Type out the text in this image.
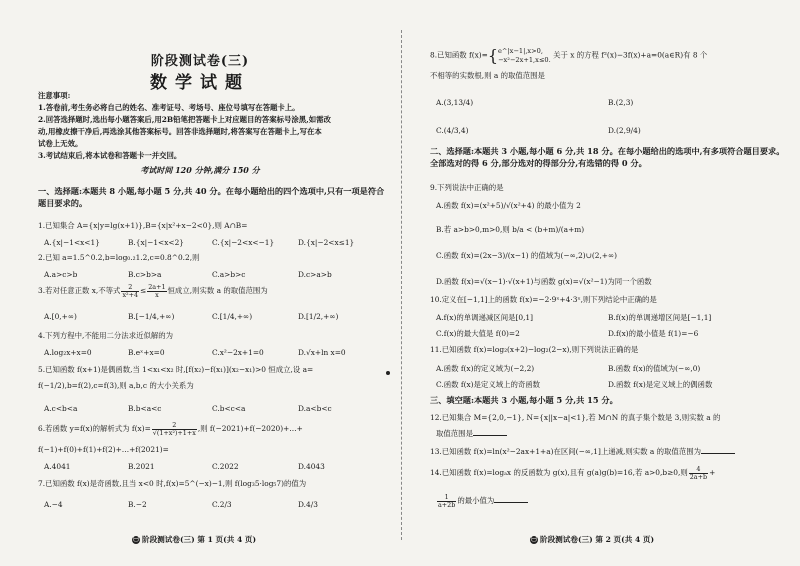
阶段测试卷(三)
数学试题
注意事项:
1.答卷前,考生务必将自己的姓名、准考证号、考场号、座位号填写在答题卡上。
2.回答选择题时,选出每小题答案后,用2B铅笔把答题卡上对应题目的答案标号涂黑,如需改
动,用橡皮擦干净后,再选涂其他答案标号。回答非选择题时,将答案写在答题卡上,写在本
试卷上无效。
3.考试结束后,将本试卷和答题卡一并交回。
考试时间 120 分钟,满分 150 分
一、选择题:本题共 8 小题,每小题 5 分,共 40 分。在每小题给出的四个选项中,只有一项是符合题目要求的。
1.已知集合 A={x|y=lg(x+1)},B={x|x²+x−2<0},则 A∩B=
A.{x|−1<x<1}	B.{x|−1<x<2}	C.{x|−2<x<−1}	D.{x|−2<x≤1}
2.已知 a=1.5^0.2,b=log₀.₂1.2,c=0.8^0.2,则
A.a>c>b	B.c>b>a	C.a>b>c	D.c>a>b
3.若对任意正数 x,不等式 $\frac{2}{\text{x²+4}} \le \frac{2a+1}{x}$ 恒成立,则实数 a 的取值范围为
A.[0,+∞)	B.[−1/4,+∞)	C.[1/4,+∞)	D.[1/2,+∞)
4.下列方程中,不能用二分法求近似解的为
A.log₂x+x=0	B.eˣ+x=0	C.x²−2x+1=0	D.√x+ln x=0
5.已知函数 f(x+1)是偶函数,当 1<x₁<x₂ 时,[f(x₂)−f(x₁)](x₂−x₁)>0 恒成立,设 a=
f(−1/2),b=f(2),c=f(3),则 a,b,c 的大小关系为
A.c<b<a	B.b<a<c	C.b<c<a	D.a<b<c
6.若函数 y=f(x)的解析式为 $f(x)= \frac{2}{\text{√(1+x²)+1+x}}$ ,则 f(−2021)+f(−2020)+…+
f(−1)+f(0)+f(1)+f(2)+…+f(2021)=
A.4041	B.2021	C.2022	D.4043
7.已知函数 f(x)是奇函数,且当 x<0 时,f(x)=5^(−x)−1,则 f(log₃5·log₅7)的值为
A.−4	B.−2	C.2/3	D.4/3
㊀ 阶段测试卷(三) 第 1 页(共 4 页)
8.已知函数 f(x)={ e^|x−1|,x>0,
−x²−2x+1,x≤0. 关于 x 的方程 f²(x)−3f(x)+a=0(a∈R)有 8 个
不相等的实数根,则 a 的取值范围是
A.(3,13/4)	B.(2,3)
C.(4/3,4)	D.(2,9/4)
二、选择题:本题共 3 小题,每小题 6 分,共 18 分。在每小题给出的选项中,有多项符合题目要求。全部选对的得 6 分,部分选对的得部分分,有选错的得 0 分。
9.下列说法中正确的是
A.函数 f(x)=(x²+5)/√(x²+4) 的最小值为 2
B.若 a>b>0,m>0,则 b/a < (b+m)/(a+m)
C.函数 f(x)=(2x−3)/(x−1) 的值域为(−∞,2)∪(2,+∞)
D.函数 f(x)=√(x−1)·√(x+1)与函数 g(x)=√(x²−1)为同一个函数
10.定义在[−1,1]上的函数 f(x)=−2·9ˣ+4·3ˣ,则下列结论中正确的是
A.f(x)的单调递减区间是[0,1]	B.f(x)的单调递增区间是[−1,1]
C.f(x)的最大值是 f(0)=2	D.f(x)的最小值是 f(1)=−6
11.已知函数 f(x)=log₂(x+2)−log₂(2−x),则下列说法正确的是
A.函数 f(x)的定义域为(−2,2)	B.函数 f(x)的值域为(−∞,0)
C.函数 f(x)是定义域上的奇函数	D.函数 f(x)是定义域上的偶函数
三、填空题:本题共 3 小题,每小题 5 分,共 15 分。
12.已知集合 M={2,0,−1}, N={x||x−a|<1},若 M∩N 的真子集个数是 3,则实数 a 的
取值范围是
13.已知函数 f(x)=ln(x²−2ax+1+a)在区间(−∞,1]上递减,则实数 a 的取值范围为
14.已知函数 f(x)=logₐx 的反函数为 g(x),且有 g(a)g(b)=16,若 a>0,b≥0,则 $\frac{4}{2a+b}$ +
$\frac{1}{a+2b}$ 的最小值为
㊀ 阶段测试卷(三) 第 2 页(共 4 页)
